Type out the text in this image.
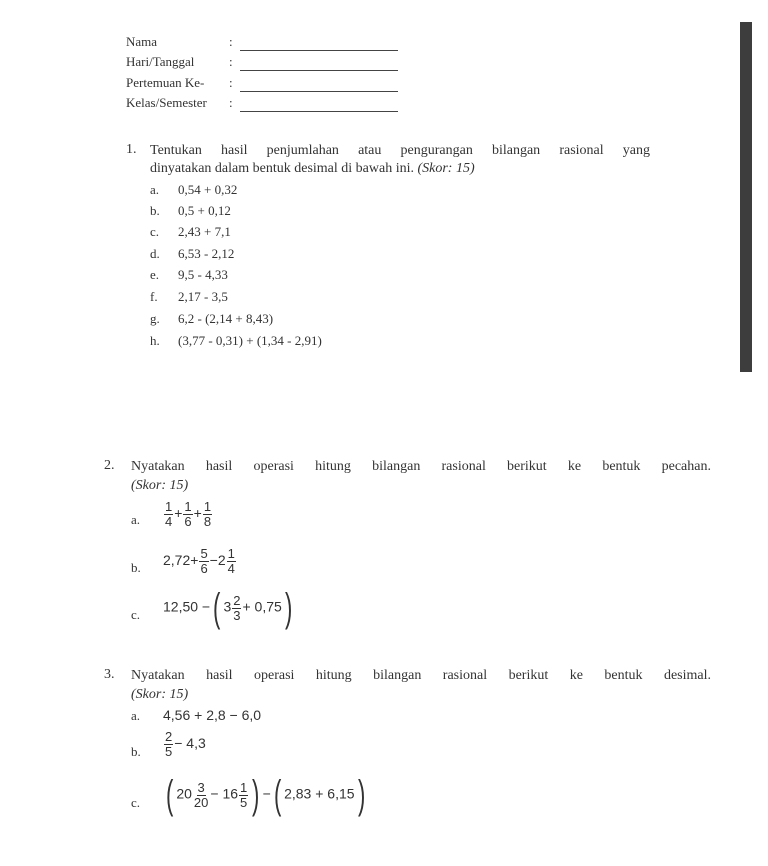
Nama	:
Hari/Tanggal	:
Pertemuan Ke- :
Kelas/Semester :
1. Tentukan hasil penjumlahan atau pengurangan bilangan rasional yang
dinyatakan dalam bentuk desimal di bawah ini. (Skor: 15)
a. 0,54 + 0,32
b. 0,5 + 0,12
c. 2,43 + 7,1
d. 6,53 - 2,12
e. 9,5 - 4,33
f. 2,17 - 3,5
g. 6,2 - (2,14 + 8,43)
h. (3,77 - 0,31) + (1,34 - 2,91)
2. Nyatakan hasil operasi hitung bilangan rasional berikut ke bentuk pecahan.
(Skor: 15)
a. $\frac{1}{4} + \frac{1}{6} + \frac{1}{8}$
b. $2,72+ \frac{5}{6} -2 \frac{1}{4}$
c. 12,50 −( $3 \frac{2}{3} + 0,75$)
3. Nyatakan hasil operasi hitung bilangan rasional berikut ke bentuk desimal.
(Skor: 15)
a. 4,56 + 2,8 − 6,0
b. $\frac{2}{5} - 4,3$
c. ( $20 \frac{3}{20} - 16 \frac{1}{5}$ ) −( 2,83 + 6,15)
